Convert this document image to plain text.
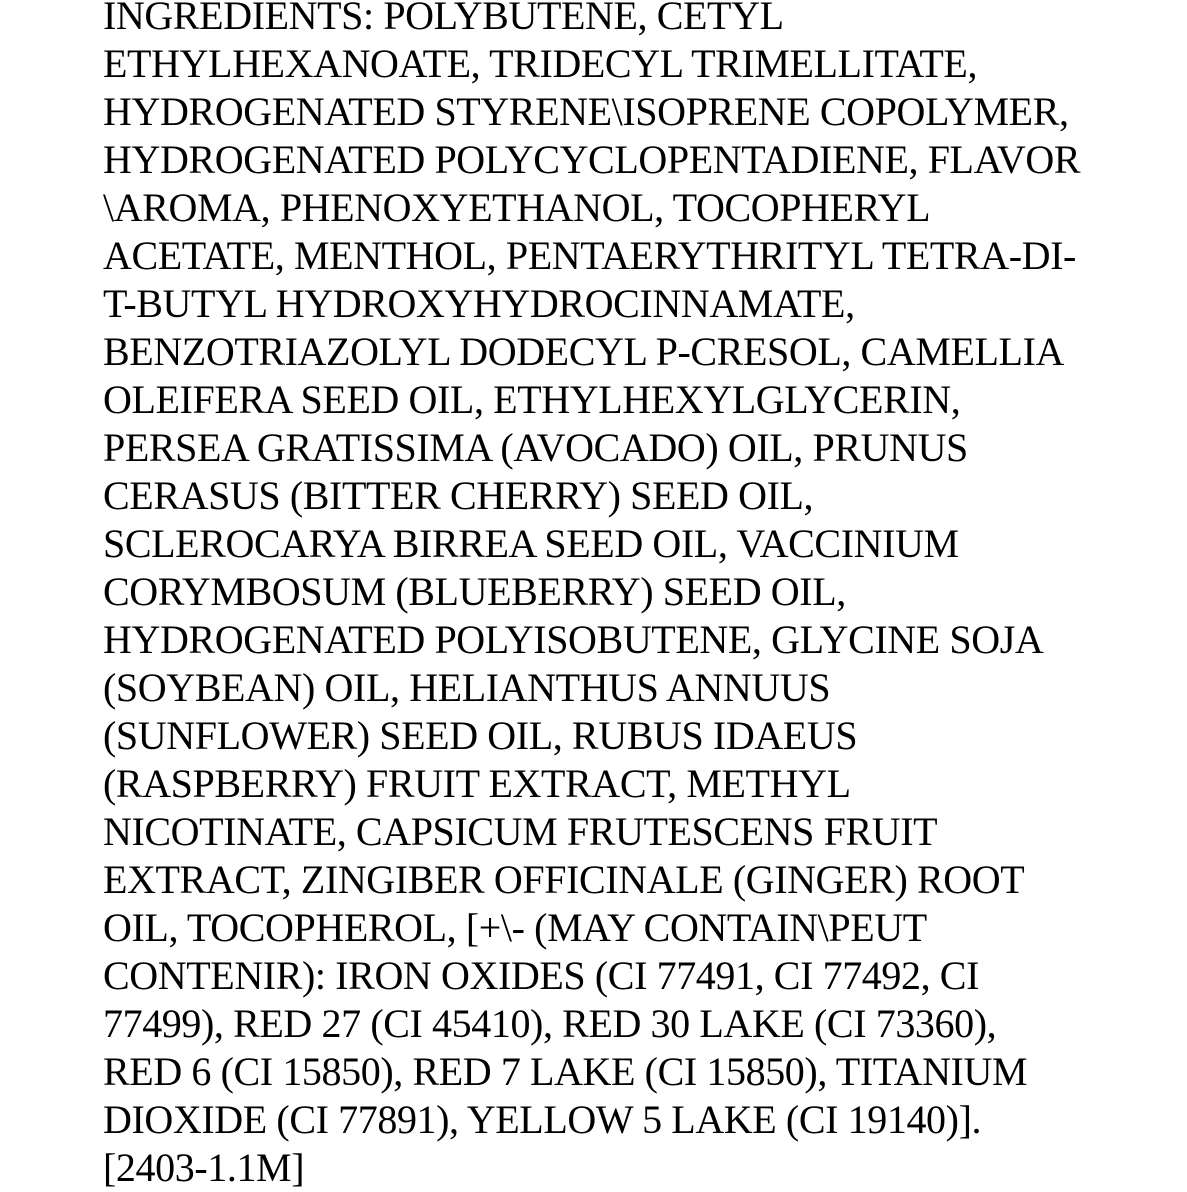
INGREDIENTS: POLYBUTENE, CETYL
ETHYLHEXANOATE, TRIDECYL TRIMELLITATE,
HYDROGENATED STYRENE\ISOPRENE COPOLYMER,
HYDROGENATED POLYCYCLOPENTADIENE, FLAVOR
\AROMA, PHENOXYETHANOL, TOCOPHERYL
ACETATE, MENTHOL, PENTAERYTHRITYL TETRA-DI-
T-BUTYL HYDROXYHYDROCINNAMATE,
BENZOTRIAZOLYL DODECYL P-CRESOL, CAMELLIA
OLEIFERA SEED OIL, ETHYLHEXYLGLYCERIN,
PERSEA GRATISSIMA (AVOCADO) OIL, PRUNUS
CERASUS (BITTER CHERRY) SEED OIL,
SCLEROCARYA BIRREA SEED OIL, VACCINIUM
CORYMBOSUM (BLUEBERRY) SEED OIL,
HYDROGENATED POLYISOBUTENE, GLYCINE SOJA
(SOYBEAN) OIL, HELIANTHUS ANNUUS
(SUNFLOWER) SEED OIL, RUBUS IDAEUS
(RASPBERRY) FRUIT EXTRACT, METHYL
NICOTINATE, CAPSICUM FRUTESCENS FRUIT
EXTRACT, ZINGIBER OFFICINALE (GINGER) ROOT
OIL, TOCOPHEROL, [+\- (MAY CONTAIN\PEUT
CONTENIR): IRON OXIDES (CI 77491, CI 77492, CI
77499), RED 27 (CI 45410), RED 30 LAKE (CI 73360),
RED 6 (CI 15850), RED 7 LAKE (CI 15850), TITANIUM
DIOXIDE (CI 77891), YELLOW 5 LAKE (CI 19140)].
[2403-1.1M]
